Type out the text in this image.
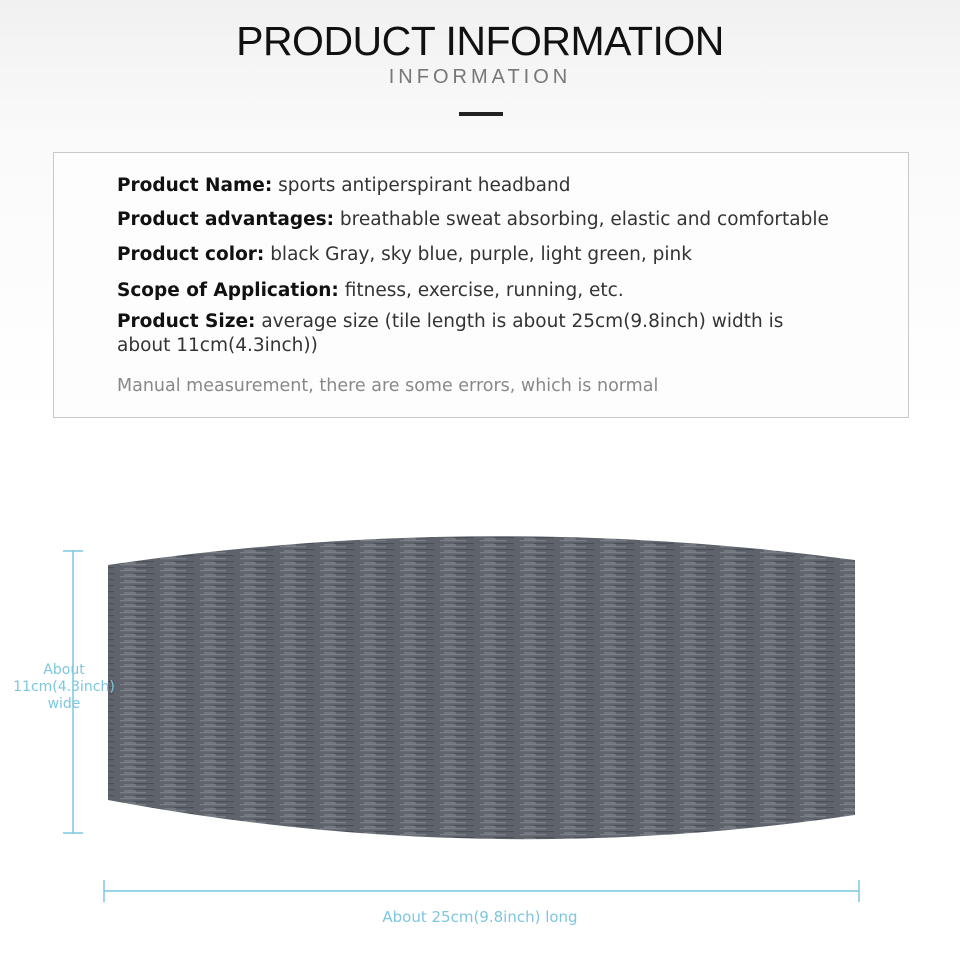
PRODUCT INFORMATION
INFORMATION
Product Name: sports antiperspirant headband
Product advantages: breathable sweat absorbing, elastic and comfortable
Product color: black Gray, sky blue, purple, light green, pink
Scope of Application: fitness, exercise, running, etc.
Product Size: average size (tile length is about 25cm(9.8inch) width is about 11cm(4.3inch))
Manual measurement, there are some errors, which is normal
About
11cm(4.3inch)
wide
About 25cm(9.8inch) long
